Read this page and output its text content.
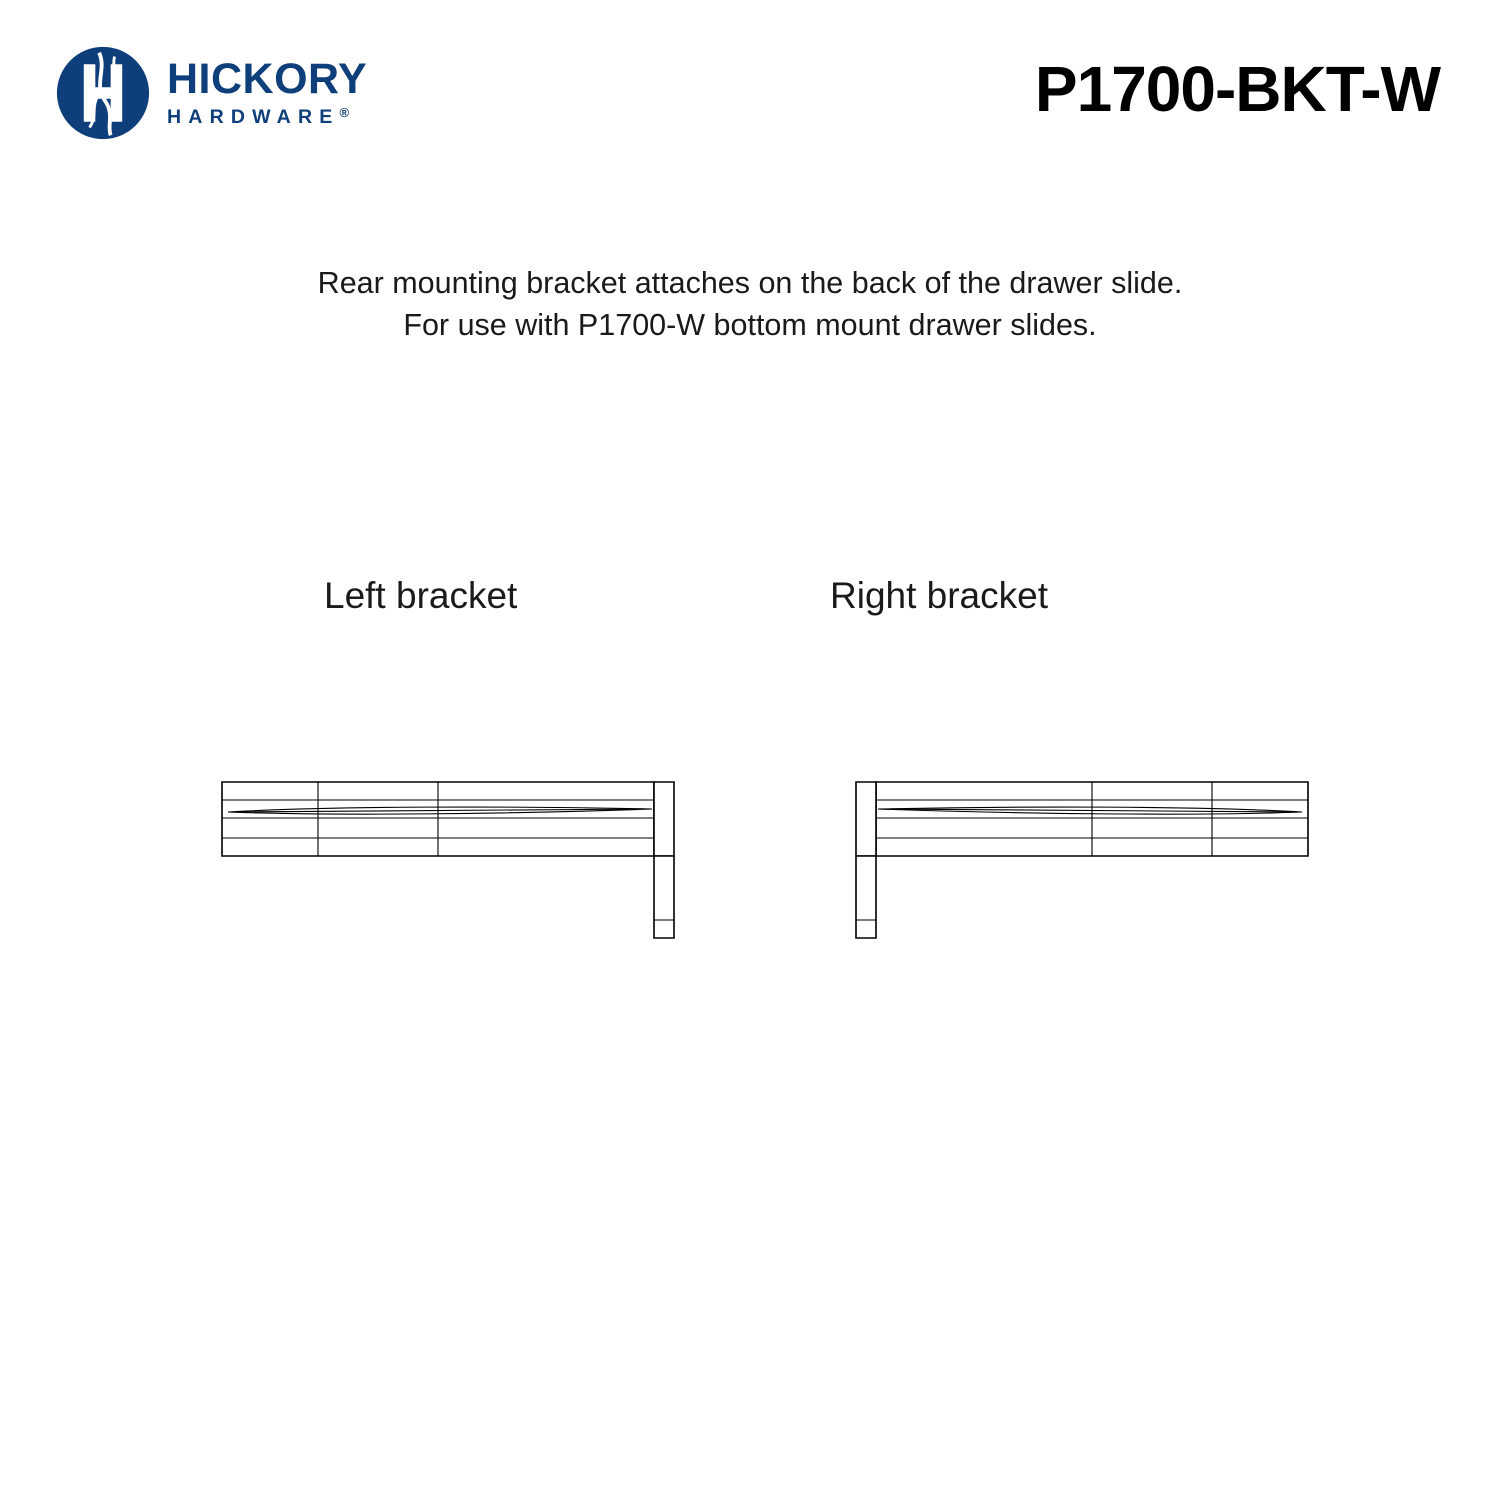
HICKORY
HARDWARE®	P1700-BKT-W
Rear mounting bracket attaches on the back of the drawer slide.
For use with P1700-W bottom mount drawer slides.
Left bracket	Right bracket
